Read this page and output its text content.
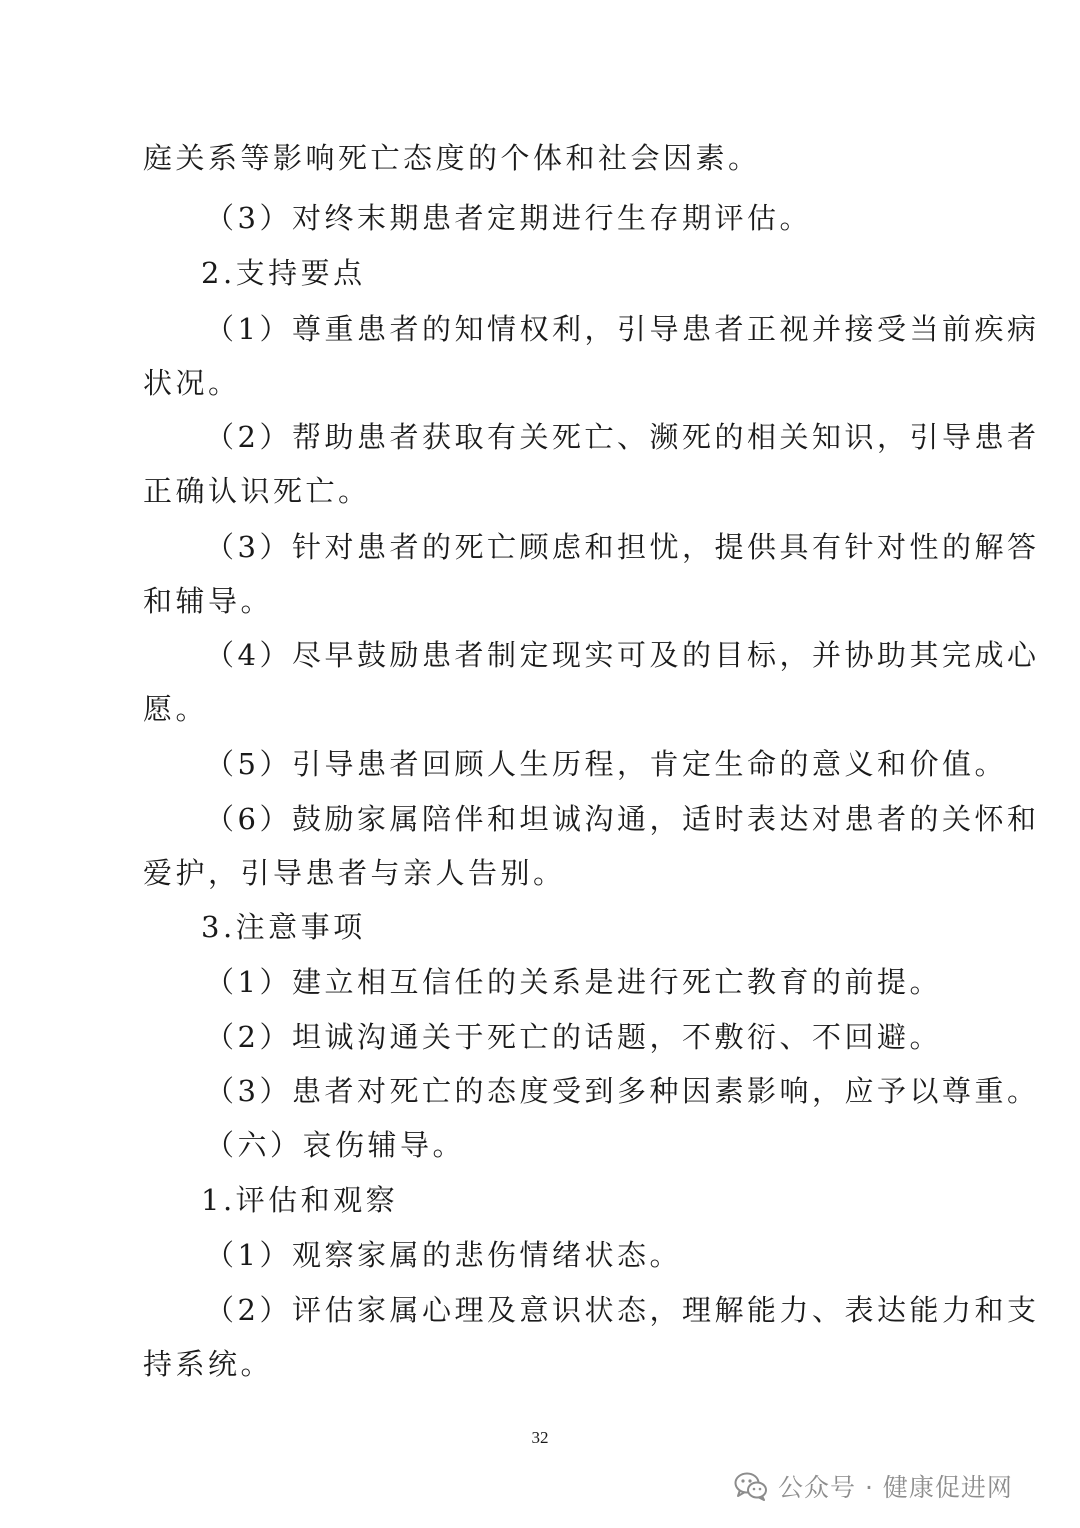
庭关系等影响死亡态度的个体和社会因素。
（3）对终末期患者定期进行生存期评估。
2.支持要点
（1）尊重患者的知情权利，引导患者正视并接受当前疾病
状况。
（2）帮助患者获取有关死亡、濒死的相关知识，引导患者
正确认识死亡。
（3）针对患者的死亡顾虑和担忧，提供具有针对性的解答
和辅导。
（4）尽早鼓励患者制定现实可及的目标，并协助其完成心
愿。
（5）引导患者回顾人生历程，肯定生命的意义和价值。
（6）鼓励家属陪伴和坦诚沟通，适时表达对患者的关怀和
爱护，引导患者与亲人告别。
3.注意事项
（1）建立相互信任的关系是进行死亡教育的前提。
（2）坦诚沟通关于死亡的话题，不敷衍、不回避。
（3）患者对死亡的态度受到多种因素影响，应予以尊重。
（六）哀伤辅导。
1.评估和观察
（1）观察家属的悲伤情绪状态。
（2）评估家属心理及意识状态，理解能力、表达能力和支
持系统。
32
公众号 · 健康促进网
